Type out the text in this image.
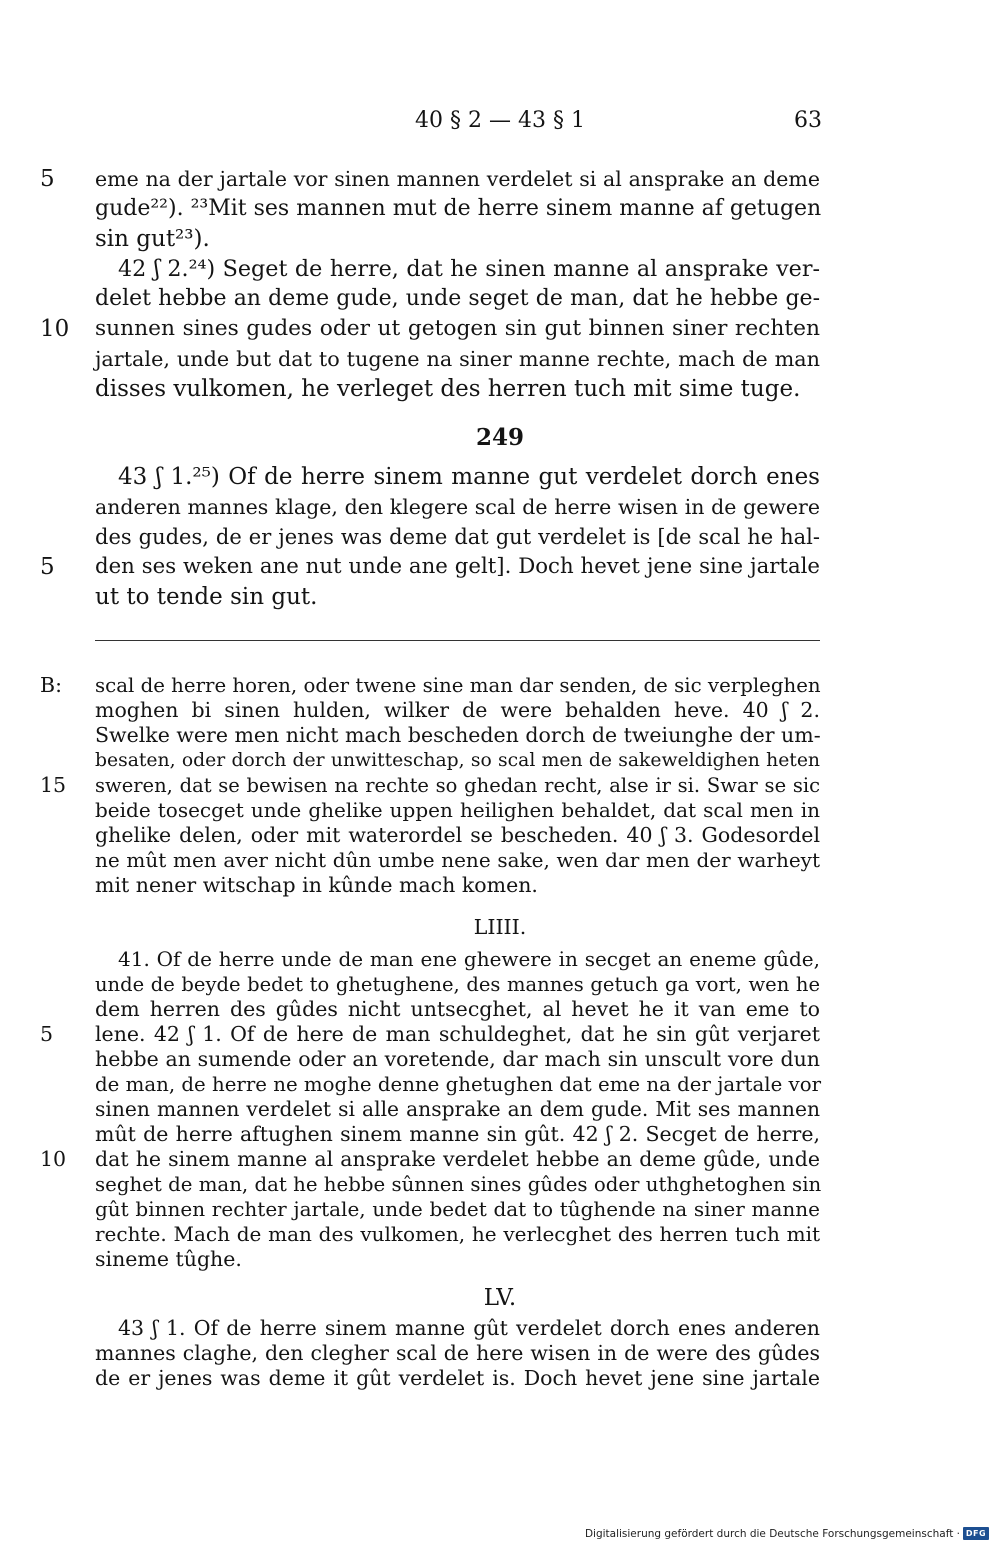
40 § 2 — 43 § 1	63
5	eme na der jartale vor sinen mannen verdelet si al ansprake an deme
gude²²). ²³Mit ses mannen mut de herre sinem manne af getugen
sin gut²³).
42 ʃ 2.²⁴) Seget de herre, dat he sinen manne al ansprake ver-
delet hebbe an deme gude, unde seget de man, dat he hebbe ge-
10	sunnen sines gudes oder ut getogen sin gut binnen siner rechten
jartale, unde but dat to tugene na siner manne rechte, mach de man
disses vulkomen, he verleget des herren tuch mit sime tuge.
249
43 ʃ 1.²⁵) Of de herre sinem manne gut verdelet dorch enes
anderen mannes klage, den klegere scal de herre wisen in de gewere
des gudes, de er jenes was deme dat gut verdelet is [de scal he hal-
5	den ses weken ane nut unde ane gelt]. Doch hevet jene sine jartale
ut to tende sin gut.
B:	scal de herre horen, oder twene sine man dar senden, de sic verpleghen
moghen bi sinen hulden, wilker de were behalden heve. 40 ʃ 2.
Swelke were men nicht mach bescheden dorch de tweiunghe der um-
besaten, oder dorch der unwitteschap, so scal men de sakeweldighen heten
15	sweren, dat se bewisen na rechte so ghedan recht, alse ir si. Swar se sic
beide tosecget unde ghelike uppen heilighen behaldet, dat scal men in
ghelike delen, oder mit waterordel se bescheden. 40 ʃ 3. Godesordel
ne mût men aver nicht dûn umbe nene sake, wen dar men der warheyt
mit nener witschap in kûnde mach komen.
LIIII.
41. Of de herre unde de man ene ghewere in secget an eneme gûde,
unde de beyde bedet to ghetughene, des mannes getuch ga vort, wen he
dem herren des gûdes nicht untsecghet, al hevet he it van eme to
5	lene. 42 ʃ 1. Of de here de man schuldeghet, dat he sin gût verjaret
hebbe an sumende oder an voretende, dar mach sin unscult vore dun
de man, de herre ne moghe denne ghetughen dat eme na der jartale vor
sinen mannen verdelet si alle ansprake an dem gude. Mit ses mannen
mût de herre aftughen sinem manne sin gût. 42 ʃ 2. Secget de herre,
10	dat he sinem manne al ansprake verdelet hebbe an deme gûde, unde
seghet de man, dat he hebbe sûnnen sines gûdes oder uthghetoghen sin
gût binnen rechter jartale, unde bedet dat to tûghende na siner manne
rechte. Mach de man des vulkomen, he verlecghet des herren tuch mit
sineme tûghe.
LV.
43 ʃ 1. Of de herre sinem manne gût verdelet dorch enes anderen
mannes claghe, den clegher scal de here wisen in de were des gûdes
de er jenes was deme it gût verdelet is. Doch hevet jene sine jartale
Digitalisierung gefördert durch die Deutsche Forschungsgemeinschaft · DFG
